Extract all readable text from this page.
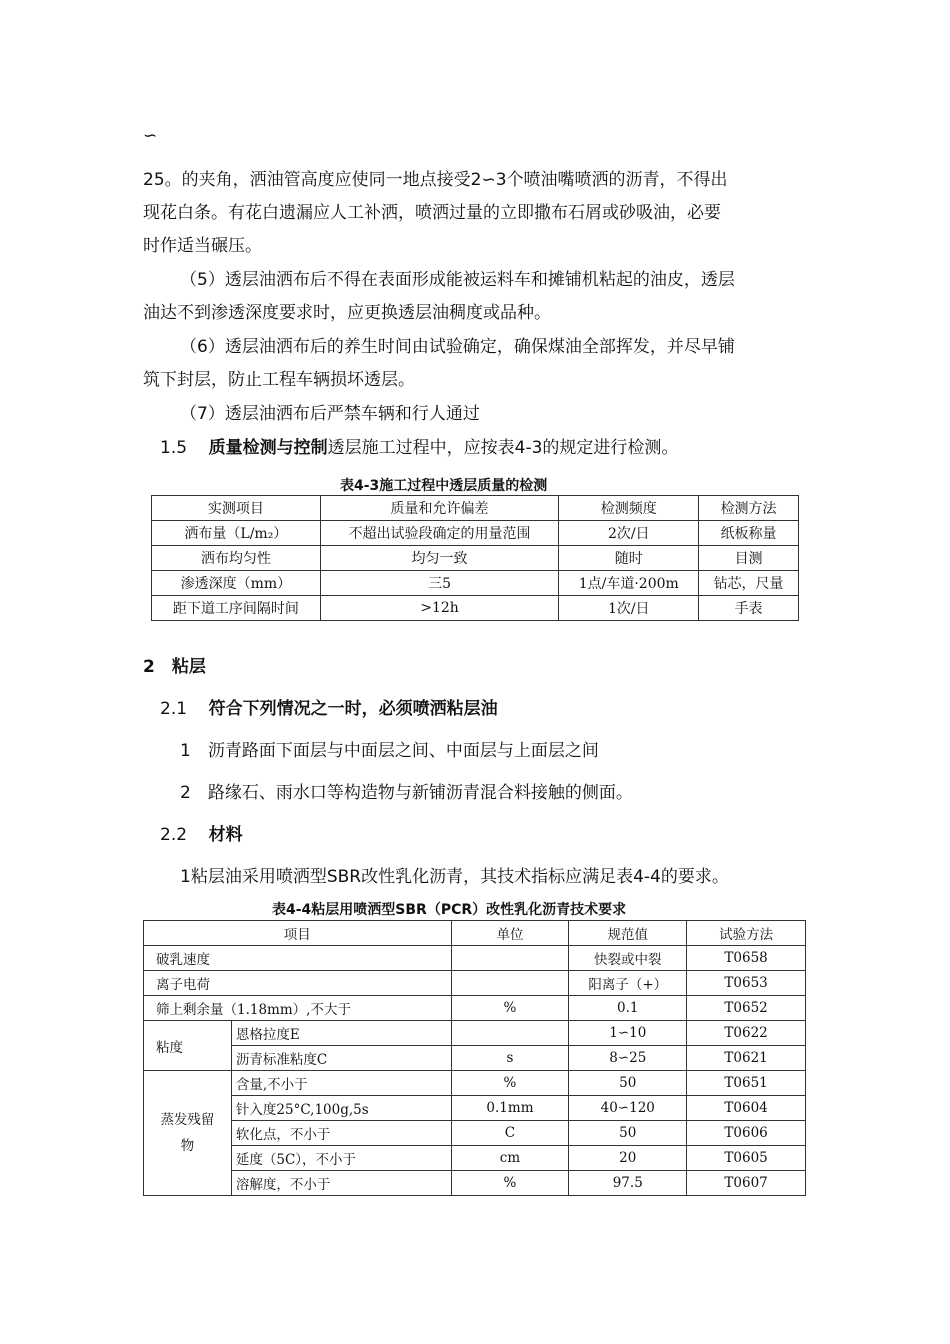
∽
25。的夹角，洒油管高度应使同一地点接受2∽3个喷油嘴喷洒的沥青，不得出
现花白条。有花白遗漏应人工补洒，喷洒过量的立即撒布石屑或砂吸油，必要
时作适当碾压。
（5）透层油洒布后不得在表面形成能被运料车和摊铺机粘起的油皮，透层
油达不到渗透深度要求时，应更换透层油稠度或品种。
（6）透层油洒布后的养生时间由试验确定，确保煤油全部挥发，并尽早铺
筑下封层，防止工程车辆损坏透层。
（7）透层油洒布后严禁车辆和行人通过
1.5 质量检测与控制透层施工过程中，应按表4-3的规定进行检测。
表4-3施工过程中透层质量的检测
实测项目	质量和允许偏差	检测频度	检测方法
洒布量（L/m₂）	不超出试验段确定的用量范围	2次/日	纸板称量
洒布均匀性	均匀一致	随时	目测
渗透深度（mm）	三5	1点/车道·200m	钻芯，尺量
距下道工序间隔时间	>12h	1次/日	手表
2　粘层
2.1 符合下列情况之一时，必须喷洒粘层油
1　沥青路面下面层与中面层之间、中面层与上面层之间
2　路缘石、雨水口等构造物与新铺沥青混合料接触的侧面。
2.2 材料
1粘层油采用喷洒型SBR改性乳化沥青，其技术指标应满足表4-4的要求。
表4-4粘层用喷洒型SBR（PCR）改性乳化沥青技术要求
项目		单位	规范值	试验方法
破乳速度			快裂或中裂	T0658
离子电荷			阳离子（+）	T0653
筛上剩余量（1.18mm）,不大于		%	0.1	T0652
粘度	恩格拉度E		1∽10	T0622
	沥青标准粘度C	s	8∽25	T0621
蒸发残留
物	含量,不小于	%	50	T0651
	针入度25°C,100g,5s	0.1mm	40∽120	T0604
	软化点，不小于	C	50	T0606
	延度（5C），不小于	cm	20	T0605
	溶解度，不小于	%	97.5	T0607
